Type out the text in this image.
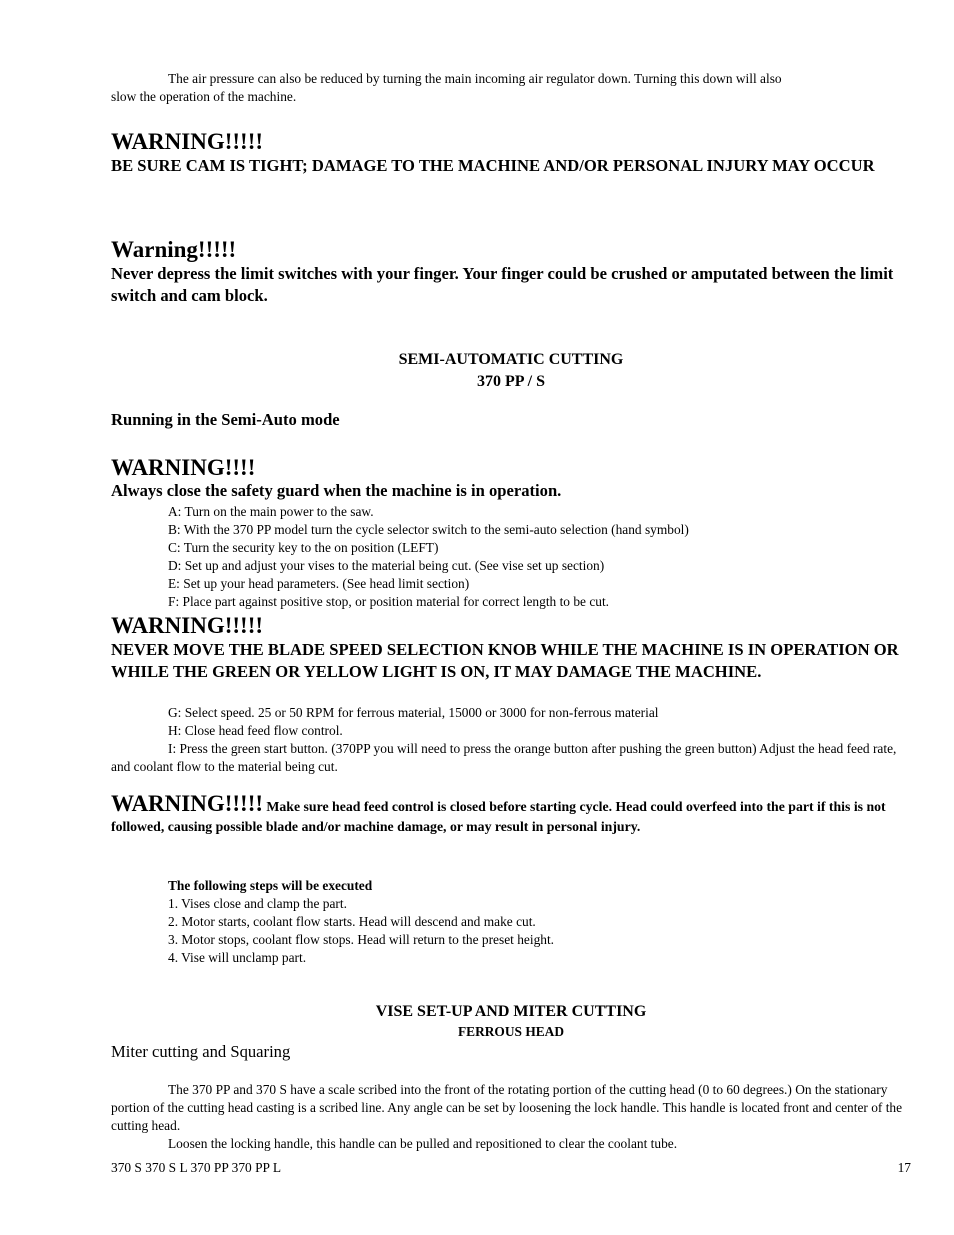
The air pressure can also be reduced by turning the main incoming air regulator down. Turning this down will also

slow the operation of the machine.

WARNING!!!!!

BE SURE CAM IS TIGHT; DAMAGE TO THE MACHINE AND/OR PERSONAL INJURY MAY OCCUR

Warning!!!!!

Never depress the limit switches with your finger. Your finger could be crushed or amputated between the limit switch and cam block.

SEMI-AUTOMATIC CUTTING

370 PP / S

Running in the Semi-Auto mode

WARNING!!!!

Always close the safety guard when the machine is in operation.

A: Turn on the main power to the saw.

B: With the 370 PP model turn the cycle selector switch to the semi-auto selection (hand symbol)

C: Turn the security key to the on position (LEFT)

D: Set up and adjust your vises to the material being cut. (See vise set up section)

E: Set up your head parameters. (See head limit section)

F: Place part against positive stop, or position material for correct length to be cut.

WARNING!!!!!

NEVER MOVE THE BLADE SPEED SELECTION KNOB WHILE THE MACHINE IS IN OPERATION OR WHILE THE GREEN OR YELLOW LIGHT IS ON, IT MAY DAMAGE THE MACHINE.

G: Select speed. 25 or 50 RPM for ferrous material, 15000 or 3000 for non-ferrous material

H: Close head feed flow control.

I: Press the green start button. (370PP you will need to press the orange button after pushing the green button) Adjust the head feed rate, and coolant flow to the material being cut.

WARNING!!!!! Make sure head feed control is closed before starting cycle. Head could overfeed into the part if this is not followed, causing possible blade and/or machine damage, or may result in personal injury.

The following steps will be executed

1. Vises close and clamp the part.

2. Motor starts, coolant flow starts. Head will descend and make cut.

3. Motor stops, coolant flow stops. Head will return to the preset height.

4. Vise will unclamp part.

VISE SET-UP AND MITER CUTTING

FERROUS HEAD

Miter cutting and Squaring

The 370 PP and 370 S have a scale scribed into the front of the rotating portion of the cutting head (0 to 60 degrees.) On the stationary portion of the cutting head casting is a scribed line. Any angle can be set by loosening the lock handle. This handle is located front and center of the cutting head.

Loosen the locking handle, this handle can be pulled and repositioned to clear the coolant tube.

370 S 370 S L 370 PP 370 PP L	17
